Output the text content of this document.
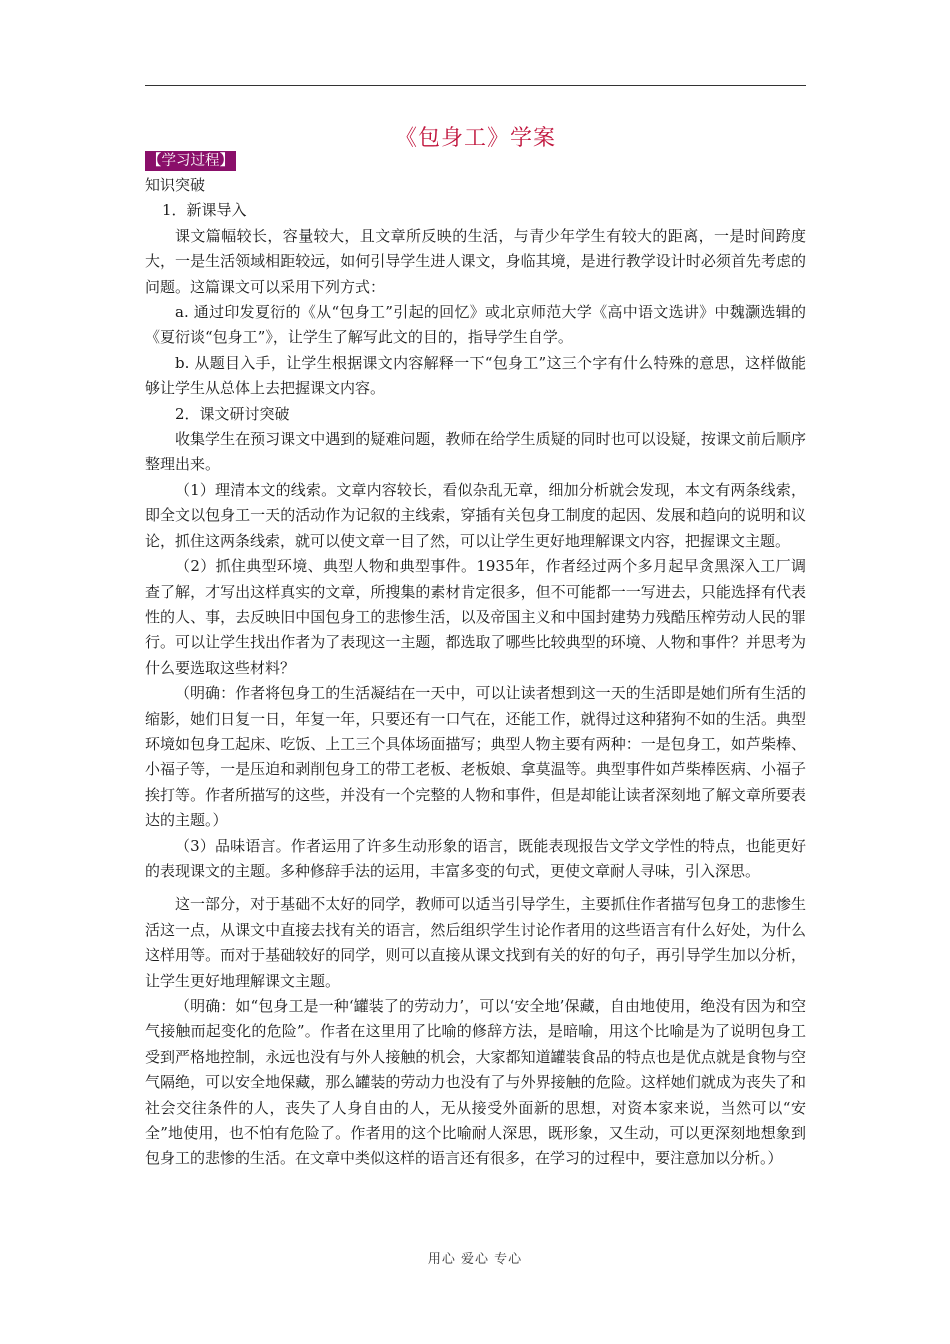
《包身工》学案
【学习过程】

知识突破

1．新课导入

课文篇幅较长，容量较大，且文章所反映的生活，与青少年学生有较大的距离，一是时间跨度大，一是生活领域相距较远，如何引导学生进人课文，身临其境，是进行教学设计时必须首先考虑的问题。这篇课文可以采用下列方式：

a. 通过印发夏衍的《从“包身工”引起的回忆》或北京师范大学《高中语文选讲》中魏灏选辑的《夏衍谈“包身工”》，让学生了解写此文的目的，指导学生自学。

b. 从题目入手，让学生根据课文内容解释一下“包身工”这三个字有什么特殊的意思，这样做能够让学生从总体上去把握课文内容。

2．课文研讨突破

收集学生在预习课文中遇到的疑难问题，教师在给学生质疑的同时也可以设疑，按课文前后顺序整理出来。

（1）理清本文的线索。文章内容较长，看似杂乱无章，细加分析就会发现，本文有两条线索，即全文以包身工一天的活动作为记叙的主线索，穿插有关包身工制度的起因、发展和趋向的说明和议论，抓住这两条线索，就可以使文章一目了然，可以让学生更好地理解课文内容，把握课文主题。

（2）抓住典型环境、典型人物和典型事件。1935年，作者经过两个多月起早贪黑深入工厂调查了解，才写出这样真实的文章，所搜集的素材肯定很多，但不可能都一一写进去，只能选择有代表性的人、事，去反映旧中国包身工的悲惨生活，以及帝国主义和中国封建势力残酷压榨劳动人民的罪行。可以让学生找出作者为了表现这一主题，都选取了哪些比较典型的环境、人物和事件？并思考为什么要选取这些材料？

（明确：作者将包身工的生活凝结在一天中，可以让读者想到这一天的生活即是她们所有生活的缩影，她们日复一日，年复一年，只要还有一口气在，还能工作，就得过这种猪狗不如的生活。典型环境如包身工起床、吃饭、上工三个具体场面描写；典型人物主要有两种：一是包身工，如芦柴棒、小福子等，一是压迫和剥削包身工的带工老板、老板娘、拿莫温等。典型事件如芦柴棒医病、小福子挨打等。作者所描写的这些，并没有一个完整的人物和事件，但是却能让读者深刻地了解文章所要表达的主题。）

（3）品味语言。作者运用了许多生动形象的语言，既能表现报告文学文学性的特点，也能更好的表现课文的主题。多种修辞手法的运用，丰富多变的句式，更使文章耐人寻味，引入深思。

这一部分，对于基础不太好的同学，教师可以适当引导学生，主要抓住作者描写包身工的悲惨生活这一点，从课文中直接去找有关的语言，然后组织学生讨论作者用的这些语言有什么好处，为什么这样用等。而对于基础较好的同学，则可以直接从课文找到有关的好的句子，再引导学生加以分析，让学生更好地理解课文主题。

（明确：如“包身工是一种‘罐装了的劳动力’，可以‘安全地’保藏，自由地使用，绝没有因为和空气接触而起变化的危险”。作者在这里用了比喻的修辞方法，是暗喻，用这个比喻是为了说明包身工受到严格地控制，永远也没有与外人接触的机会，大家都知道罐装食品的特点也是优点就是食物与空气隔绝，可以安全地保藏，那么罐装的劳动力也没有了与外界接触的危险。这样她们就成为丧失了和社会交往条件的人，丧失了人身自由的人，无从接受外面新的思想，对资本家来说，当然可以“安全”地使用，也不怕有危险了。作者用的这个比喻耐人深思，既形象，又生动，可以更深刻地想象到包身工的悲惨的生活。在文章中类似这样的语言还有很多，在学习的过程中，要注意加以分析。）

用心 爱心 专心
